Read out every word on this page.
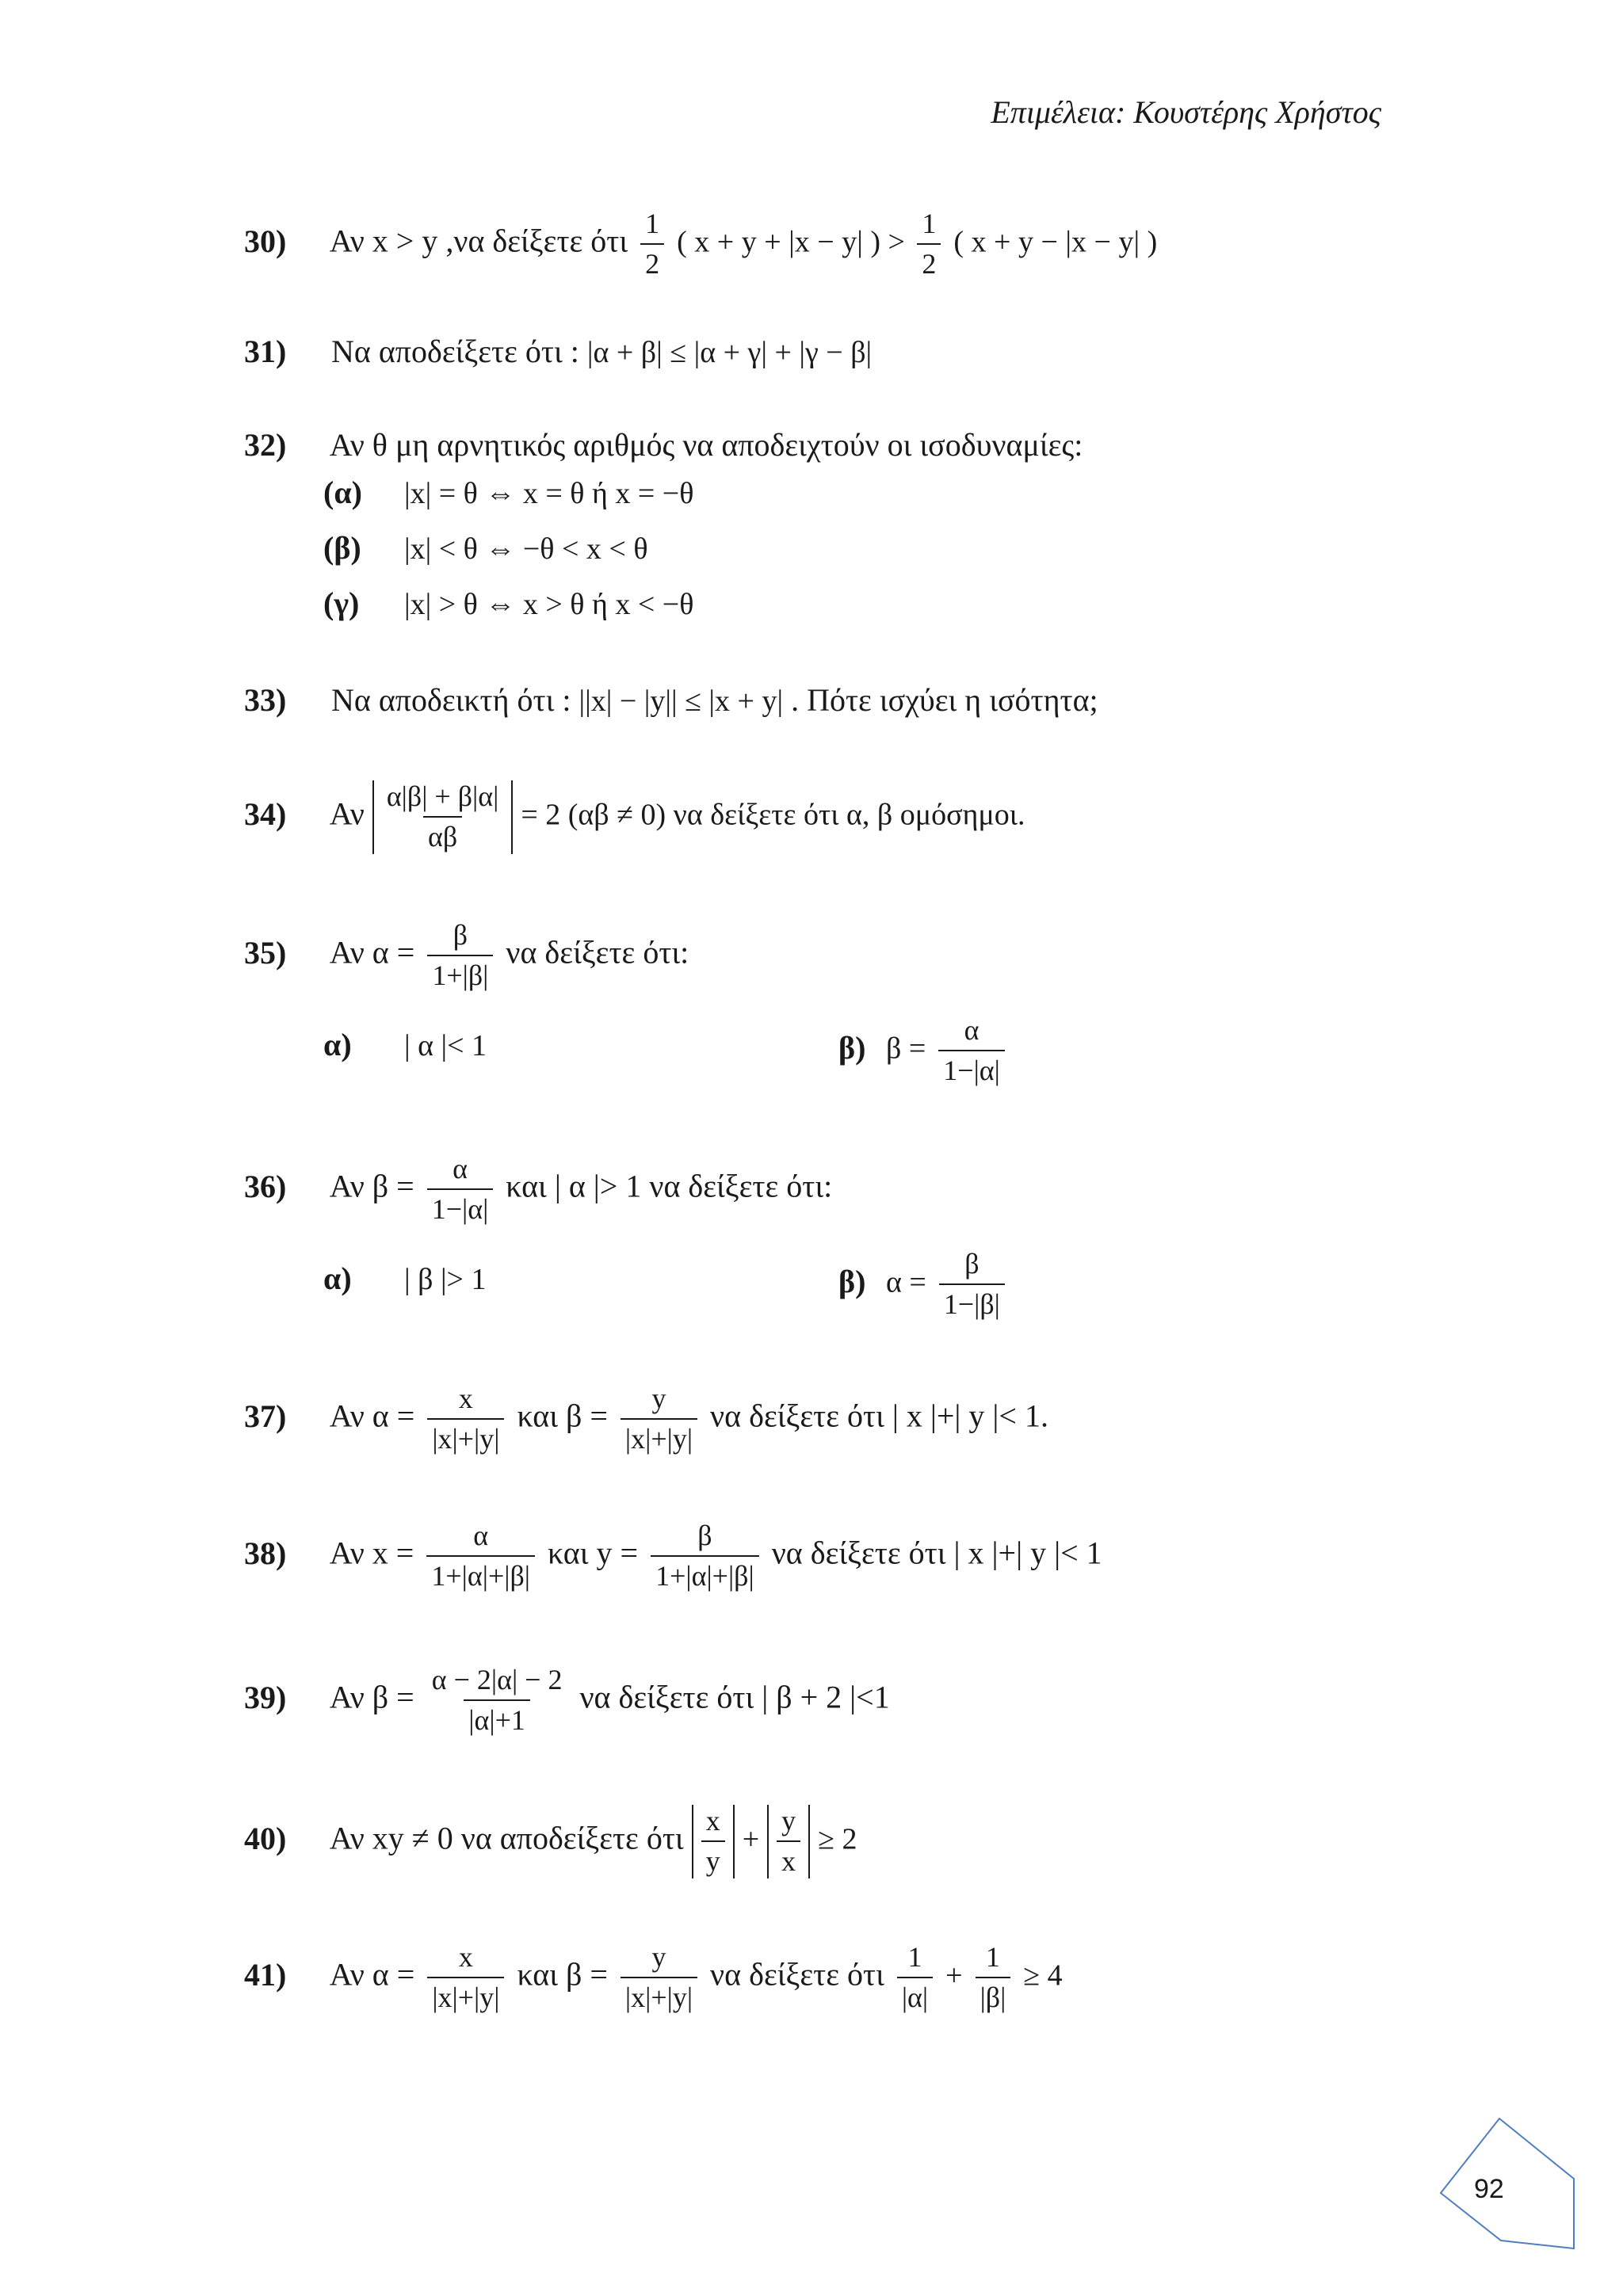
Επιμέλεια: Κουστέρης Χρήστος
30) Αν x > y ,να δείξετε ότι $\frac{1}{2}$ ( x + y + |x − y| ) > $\frac{1}{2}$ ( x + y − |x − y| )
31) Να αποδείξετε ότι : |α + β| ≤ |α + γ| + |γ − β|
32) Αν θ μη αρνητικός αριθμός να αποδειχτούν οι ισοδυναμίες:
(α) |x| = θ ⇔ x = θ ή x = −θ
(β) |x| < θ ⇔ −θ < x < θ
(γ) |x| > θ ⇔ x > θ ή x < −θ
33) Να αποδεικτή ότι : ||x| − |y|| ≤ |x + y| . Πότε ισχύει η ισότητα;
34) Αν $\frac{\alpha|\beta| + \beta|\alpha|}{\alpha\beta} = 2$ (αβ ≠ 0) να δείξετε ότι α, β ομόσημοι.
35) Αν $\alpha = \frac{\beta}{1+|\beta|}$ να δείξετε ότι:
α) | α |< 1	β) $\beta = \frac{\alpha}{1-|\alpha|}$
36) Αν $\beta = \frac{\alpha}{1-|\alpha|}$ και | α |> 1 να δείξετε ότι:
α) | β |> 1	β) $\alpha = \frac{\beta}{1-|\beta|}$
37) Αν $\alpha = \frac{x}{|x|+|y|}$ και $\beta = \frac{y}{|x|+|y|}$ να δείξετε ότι | x |+| y |< 1.
38) Αν $x = \frac{\alpha}{1+|\alpha|+|\beta|}$ και $y = \frac{\beta}{1+|\alpha|+|\beta|}$ να δείξετε ότι | x |+| y |< 1
39) Αν $\beta = \frac{\alpha - 2|\alpha| - 2}{|\alpha|+1}$ να δείξετε ότι | β + 2 |<1
40) Αν xy ≠ 0 να αποδείξετε ότι $\frac{x}{y} + \frac{y}{x} \ge 2$
41) Αν $\alpha = \frac{x}{|x|+|y|}$ και $\beta = \frac{y}{|x|+|y|}$ να δείξετε ότι $\frac{1}{|\alpha|} + \frac{1}{|\beta|} \ge 4$
92
